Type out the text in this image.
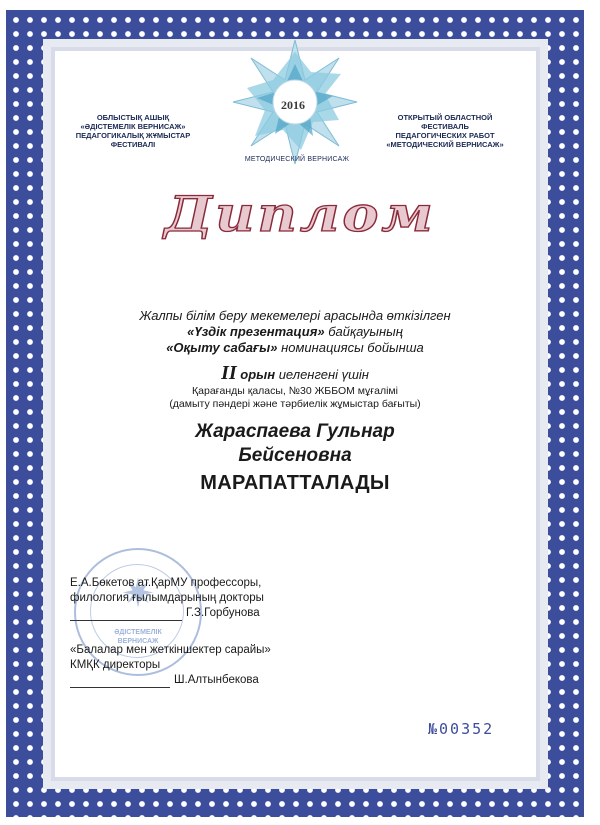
ОБЛЫСТЫҚ АШЫҚ
«ӘДІСТЕМЕЛІК ВЕРНИСАЖ»
ПЕДАГОГИКАЛЫҚ ЖҰМЫСТАР
ФЕСТИВАЛІ
ОТКРЫТЫЙ ОБЛАСТНОЙ
ФЕСТИВАЛЬ
ПЕДАГОГИЧЕСКИХ РАБОТ
«МЕТОДИЧЕСКИЙ ВЕРНИСАЖ»
2016
МЕТОДИЧЕСКИЙ ВЕРНИСАЖ
Диплом
Жалпы білім беру мекемелері арасында өткізілген
«Үздік презентация» байқауының
«Оқыту сабағы» номинациясы бойынша
II орын иеленгені үшін
Қарағанды қаласы, №30 ЖББОМ мұғалімі
(дамыту пәндері және тәрбиелік жұмыстар бағыты)
Жараспаева Гульнар
Бейсеновна
МАРАПАТТАЛАДЫ
✷
ӘДІСТЕМЕЛІК ВЕРНИСАЖ
Е.А.Бөкетов ат.ҚарМУ профессоры,
филология ғылымдарының докторы
Г.З.Горбунова
«Балалар мен жеткіншектер сарайы»
КМҚК директоры
Ш.Алтынбекова
№00352
